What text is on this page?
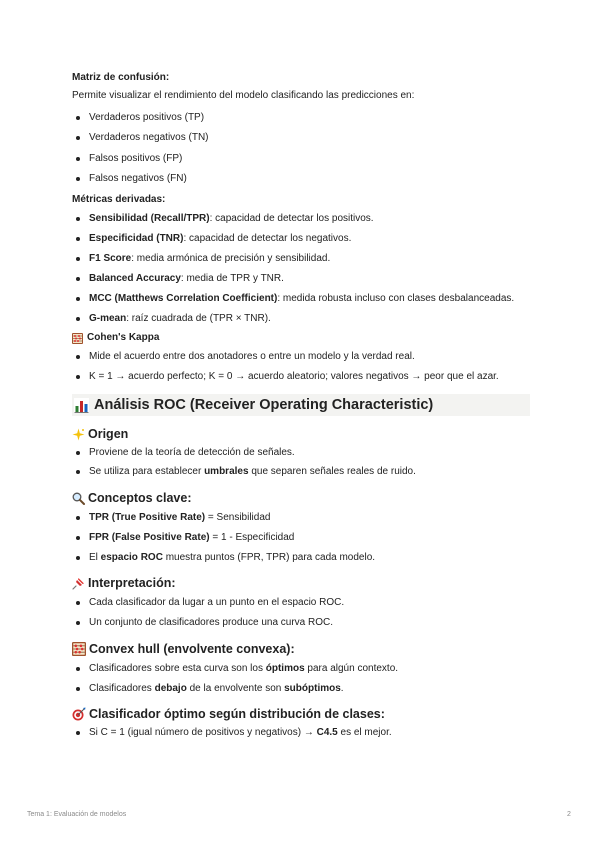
Matriz de confusión:

Permite visualizar el rendimiento del modelo clasificando las predicciones en:

Verdaderos positivos (TP)
Verdaderos negativos (TN)
Falsos positivos (FP)
Falsos negativos (FN)

Métricas derivadas:

Sensibilidad (Recall/TPR): capacidad de detectar los positivos.
Especificidad (TNR): capacidad de detectar los negativos.
F1 Score: media armónica de precisión y sensibilidad.
Balanced Accuracy: media de TPR y TNR.
MCC (Matthews Correlation Coefficient): medida robusta incluso con clases desbalanceadas.
G-mean: raíz cuadrada de (TPR × TNR).

Cohen's Kappa

Mide el acuerdo entre dos anotadores o entre un modelo y la verdad real.
K = 1 → acuerdo perfecto; K = 0 → acuerdo aleatorio; valores negativos → peor que el azar.
Análisis ROC (Receiver Operating Characteristic)
Origen
Proviene de la teoría de detección de señales.
Se utiliza para establecer umbrales que separen señales reales de ruido.
Conceptos clave:
TPR (True Positive Rate) = Sensibilidad
FPR (False Positive Rate) = 1 - Especificidad
El espacio ROC muestra puntos (FPR, TPR) para cada modelo.
Interpretación:
Cada clasificador da lugar a un punto en el espacio ROC.
Un conjunto de clasificadores produce una curva ROC.
Convex hull (envolvente convexa):
Clasificadores sobre esta curva son los óptimos para algún contexto.
Clasificadores debajo de la envolvente son subóptimos.
Clasificador óptimo según distribución de clases:
Si C = 1 (igual número de positivos y negativos) → C4.5 es el mejor.
Tema 1: Evaluación de modelos	2
